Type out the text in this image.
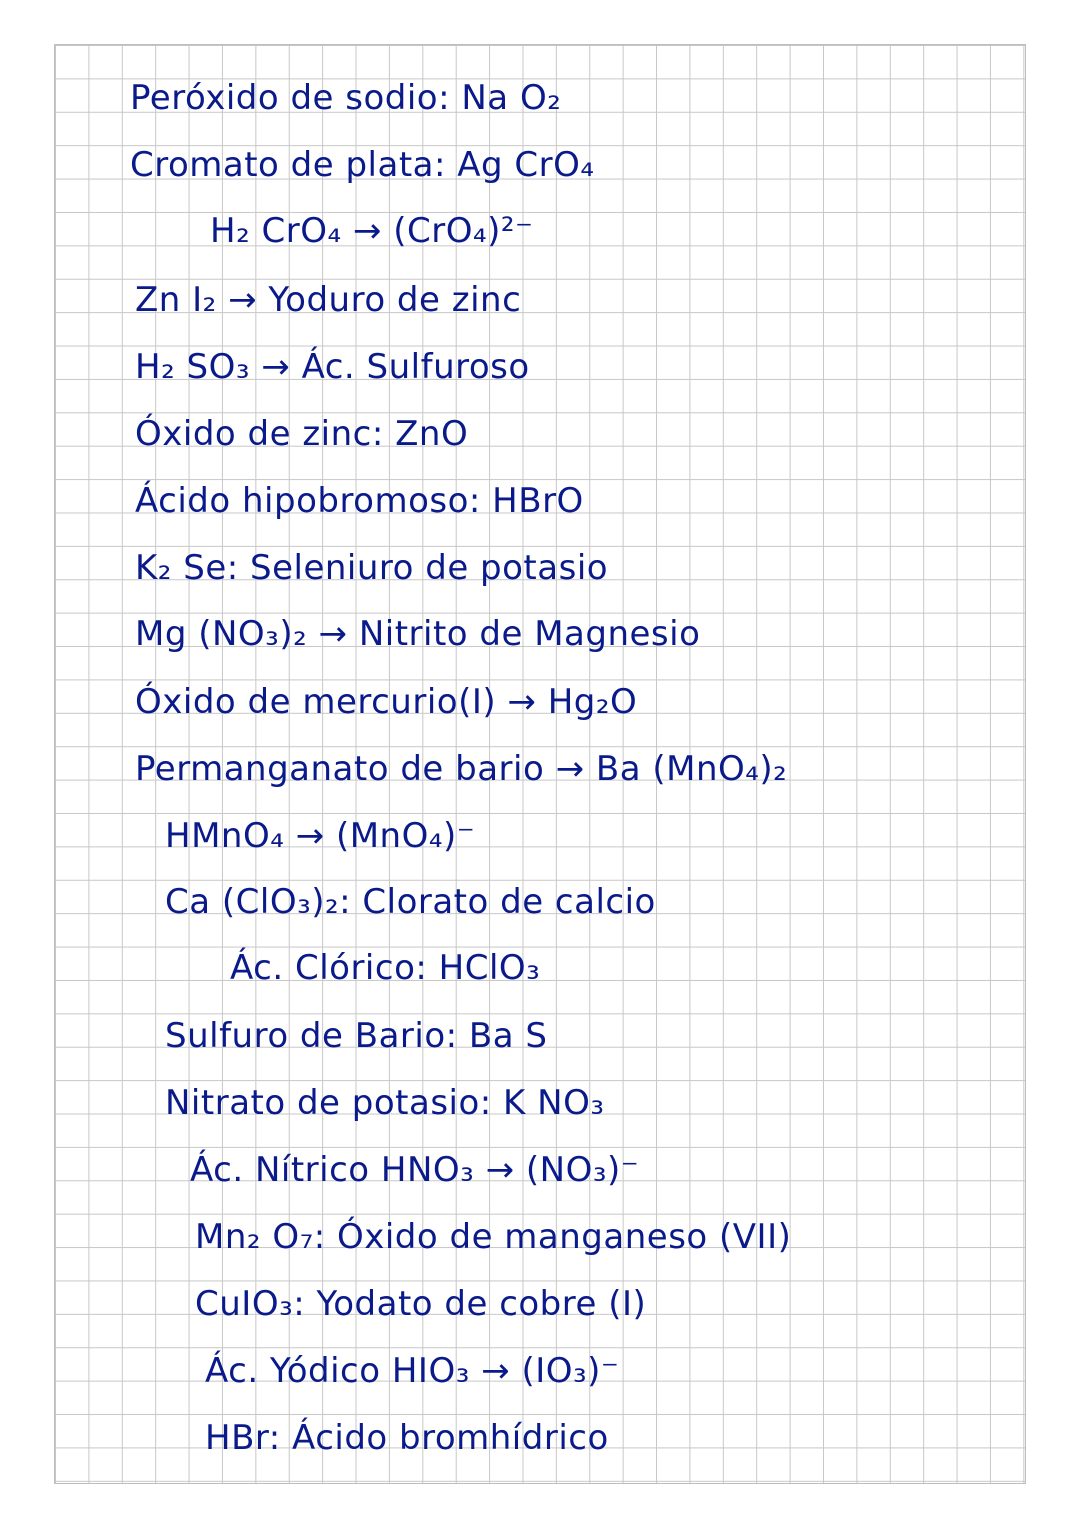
Peróxido de sodio: Na O₂
Cromato de plata: Ag CrO₄
H₂ CrO₄ → (CrO₄)²⁻
Zn I₂ → Yoduro de zinc
H₂ SO₃ → Ác. Sulfuroso
Óxido de zinc: ZnO
Ácido hipobromoso: HBrO
K₂ Se: Seleniuro de potasio
Mg (NO₃)₂ → Nitrito de Magnesio
Óxido de mercurio(I) → Hg₂O
Permanganato de bario → Ba (MnO₄)₂
HMnO₄ → (MnO₄)⁻
Ca (ClO₃)₂: Clorato de calcio
Ác. Clórico: HClO₃
Sulfuro de Bario: Ba S
Nitrato de potasio: K NO₃
Ác. Nítrico HNO₃ → (NO₃)⁻
Mn₂ O₇: Óxido de manganeso (VII)
CuIO₃: Yodato de cobre (I)
Ác. Yódico HIO₃ → (IO₃)⁻
HBr: Ácido bromhídrico
